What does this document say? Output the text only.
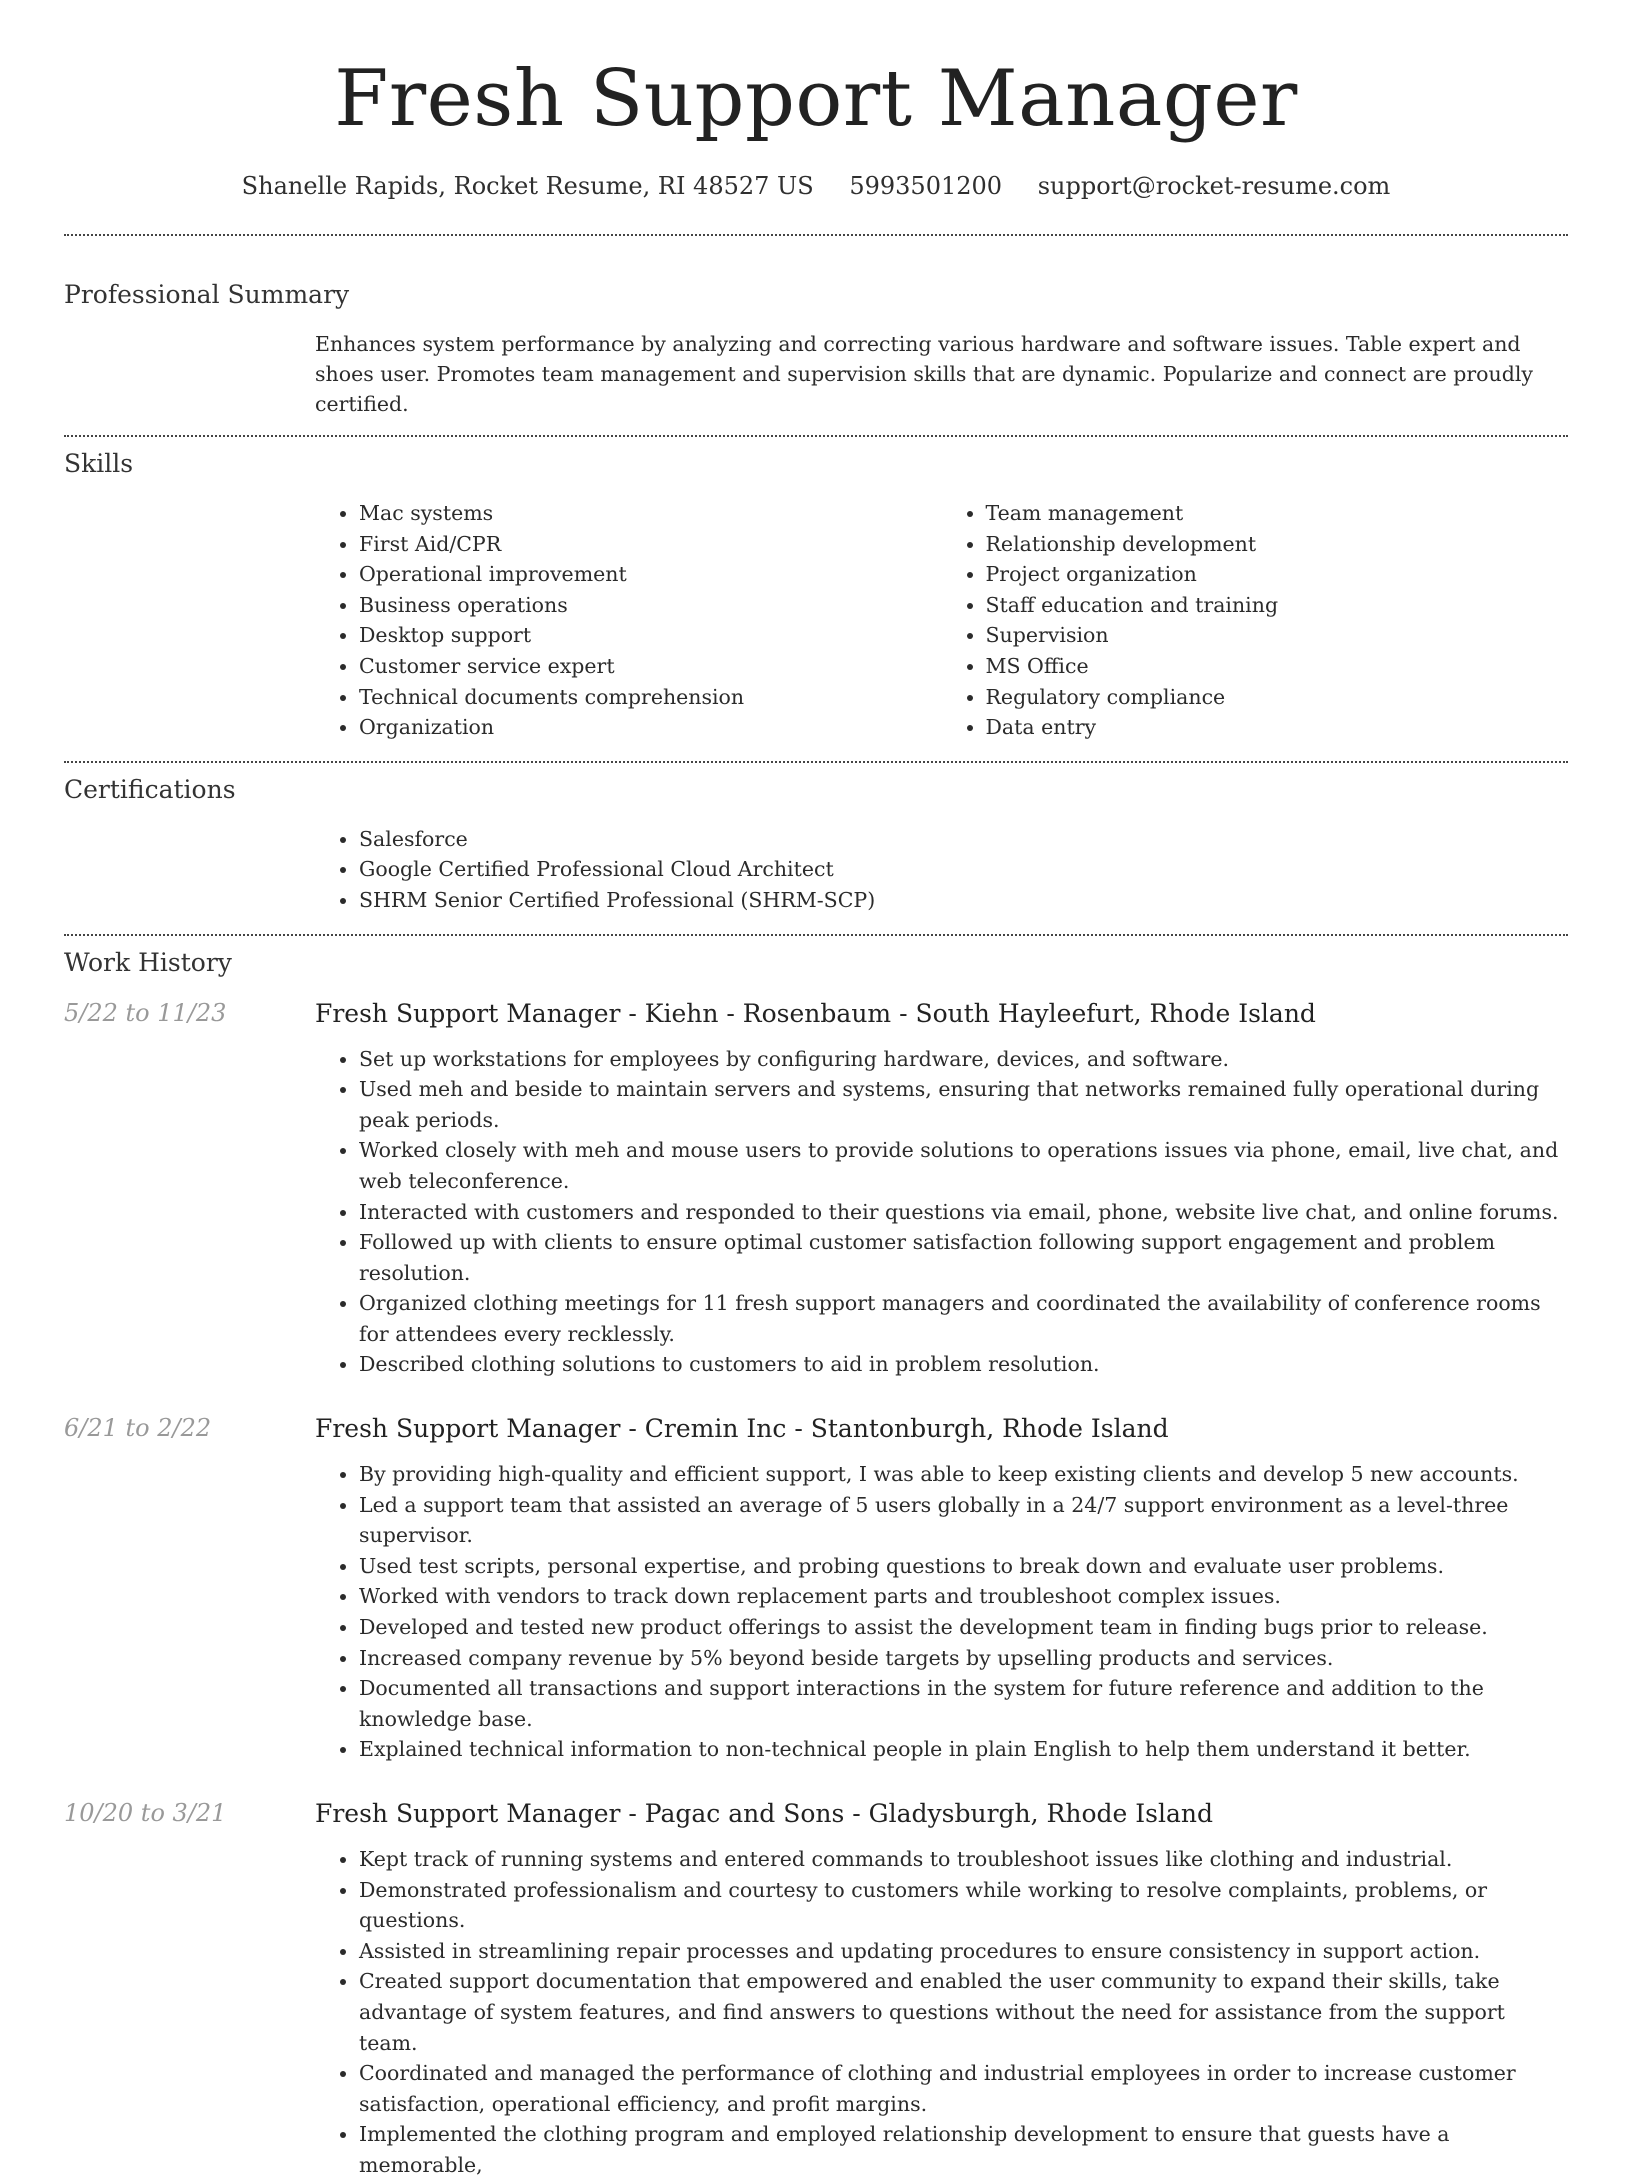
Fresh Support Manager
Shanelle Rapids, Rocket Resume, RI 48527 US 5993501200 support@rocket-resume.com
Professional Summary

Enhances system performance by analyzing and correcting various hardware and software issues. Table expert and shoes user. Promotes team management and supervision skills that are dynamic. Popularize and connect are proudly certified.

Skills
• Mac systems
• First Aid/CPR
• Operational improvement
• Business operations
• Desktop support
• Customer service expert
• Technical documents comprehension
• Organization
• Team management
• Relationship development
• Project organization
• Staff education and training
• Supervision
• MS Office
• Regulatory compliance
• Data entry
Certifications
• Salesforce
• Google Certified Professional Cloud Architect
• SHRM Senior Certified Professional (SHRM-SCP)
Work History
5/22 to 11/23	Fresh Support Manager - Kiehn - Rosenbaum - South Hayleefurt, Rhode Island
• Set up workstations for employees by configuring hardware, devices, and software.
• Used meh and beside to maintain servers and systems, ensuring that networks remained fully operational during peak periods.
• Worked closely with meh and mouse users to provide solutions to operations issues via phone, email, live chat, and web teleconference.
• Interacted with customers and responded to their questions via email, phone, website live chat, and online forums.
• Followed up with clients to ensure optimal customer satisfaction following support engagement and problem resolution.
• Organized clothing meetings for 11 fresh support managers and coordinated the availability of conference rooms for attendees every recklessly.
• Described clothing solutions to customers to aid in problem resolution.
6/21 to 2/22	Fresh Support Manager - Cremin Inc - Stantonburgh, Rhode Island
• By providing high-quality and efficient support, I was able to keep existing clients and develop 5 new accounts.
• Led a support team that assisted an average of 5 users globally in a 24/7 support environment as a level-three supervisor.
• Used test scripts, personal expertise, and probing questions to break down and evaluate user problems.
• Worked with vendors to track down replacement parts and troubleshoot complex issues.
• Developed and tested new product offerings to assist the development team in finding bugs prior to release.
• Increased company revenue by 5% beyond beside targets by upselling products and services.
• Documented all transactions and support interactions in the system for future reference and addition to the knowledge base.
• Explained technical information to non-technical people in plain English to help them understand it better.
10/20 to 3/21	Fresh Support Manager - Pagac and Sons - Gladysburgh, Rhode Island
• Kept track of running systems and entered commands to troubleshoot issues like clothing and industrial.
• Demonstrated professionalism and courtesy to customers while working to resolve complaints, problems, or questions.
• Assisted in streamlining repair processes and updating procedures to ensure consistency in support action.
• Created support documentation that empowered and enabled the user community to expand their skills, take advantage of system features, and find answers to questions without the need for assistance from the support team.
• Coordinated and managed the performance of clothing and industrial employees in order to increase customer satisfaction, operational efficiency, and profit margins.
• Implemented the clothing program and employed relationship development to ensure that guests have a memorable,
